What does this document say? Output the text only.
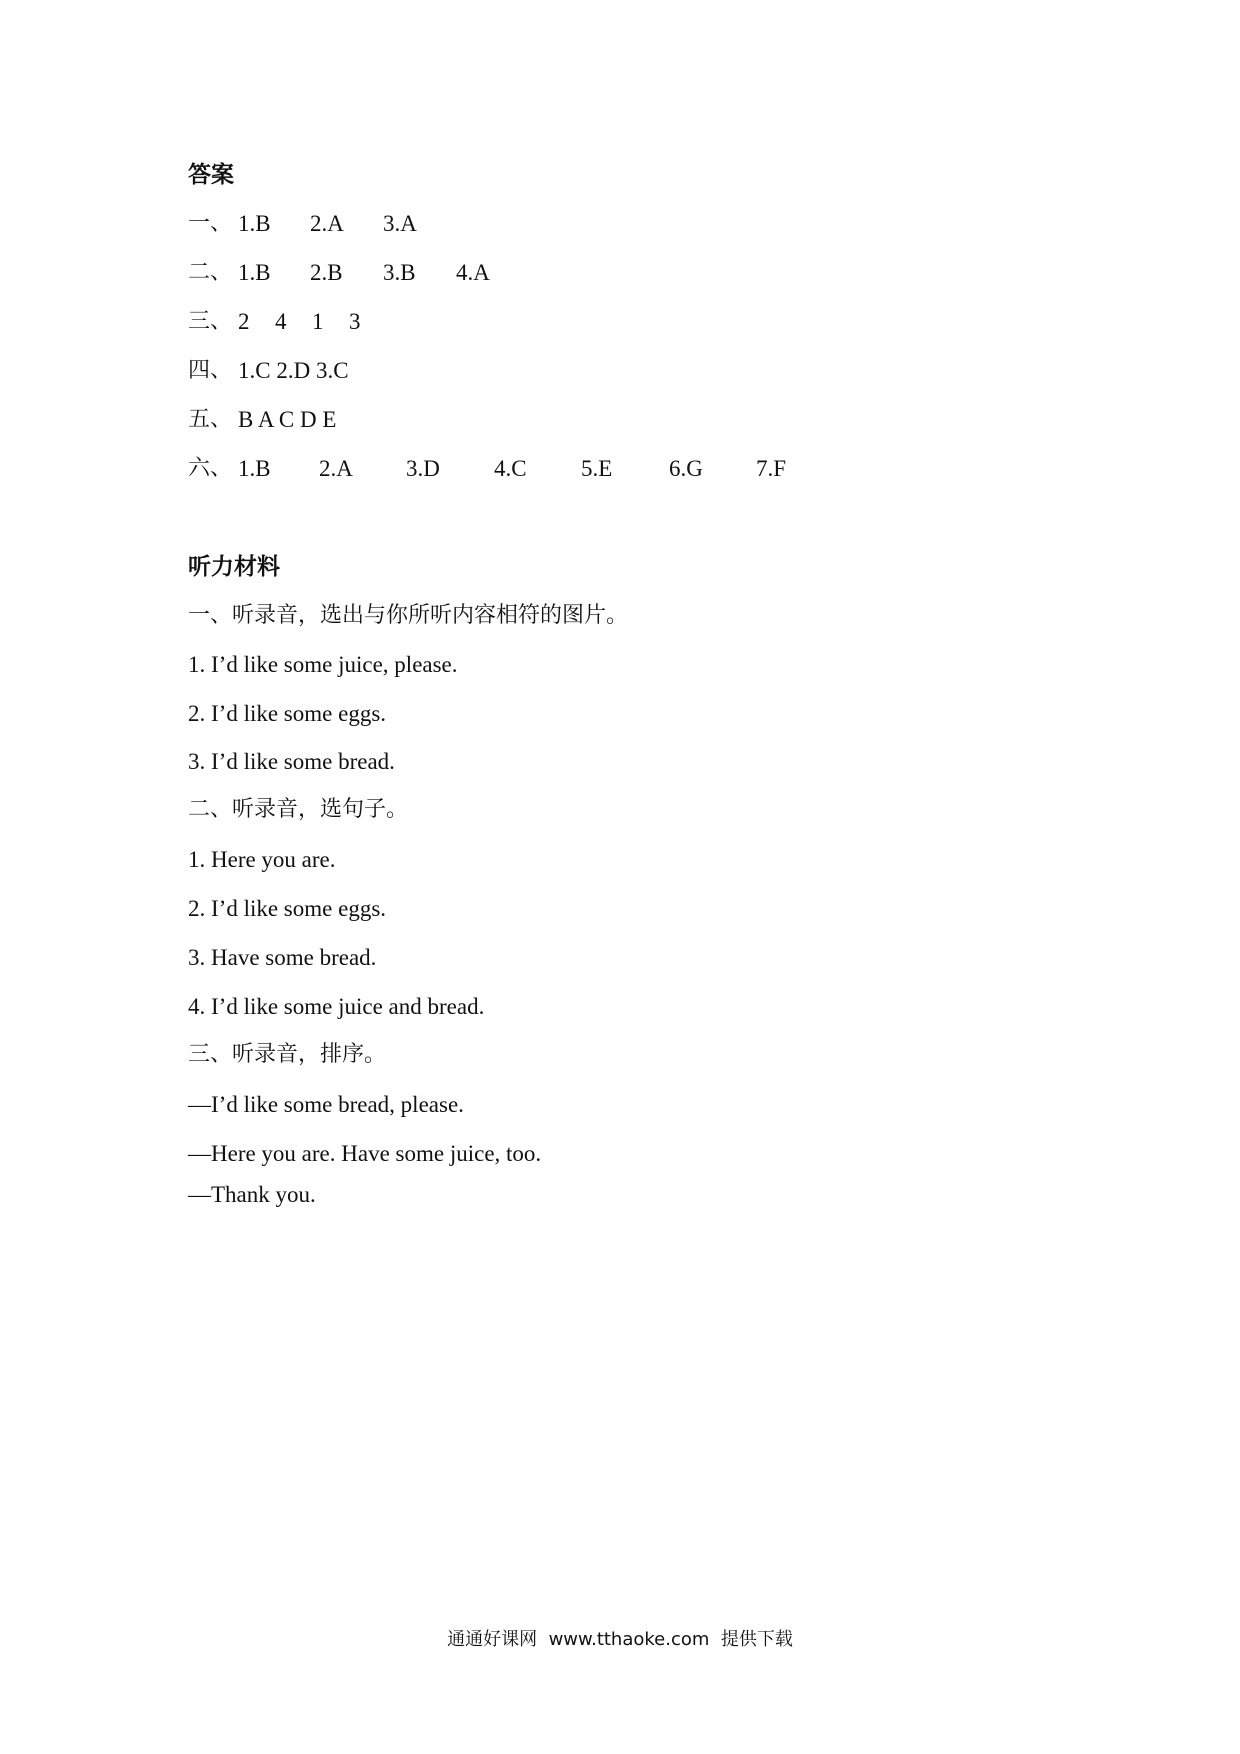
答案
一、 1.B 2.A 3.A
二、 1.B 2.B 3.B 4.A
三、 2 4 1 3
四、 1.C 2.D 3.C
五、 B A C D E
六、 1.B 2.A 3.D 4.C 5.E 6.G 7.F
听力材料
一、听录音，选出与你所听内容相符的图片。
1. I’d like some juice, please.
2. I’d like some eggs.
3. I’d like some bread.
二、听录音，选句子。
1. Here you are.
2. I’d like some eggs.
3. Have some bread.
4. I’d like some juice and bread.
三、听录音，排序。
—I’d like some bread, please.
—Here you are. Have some juice, too.
—Thank you.
通通好课网  www.tthaoke.com  提供下载
